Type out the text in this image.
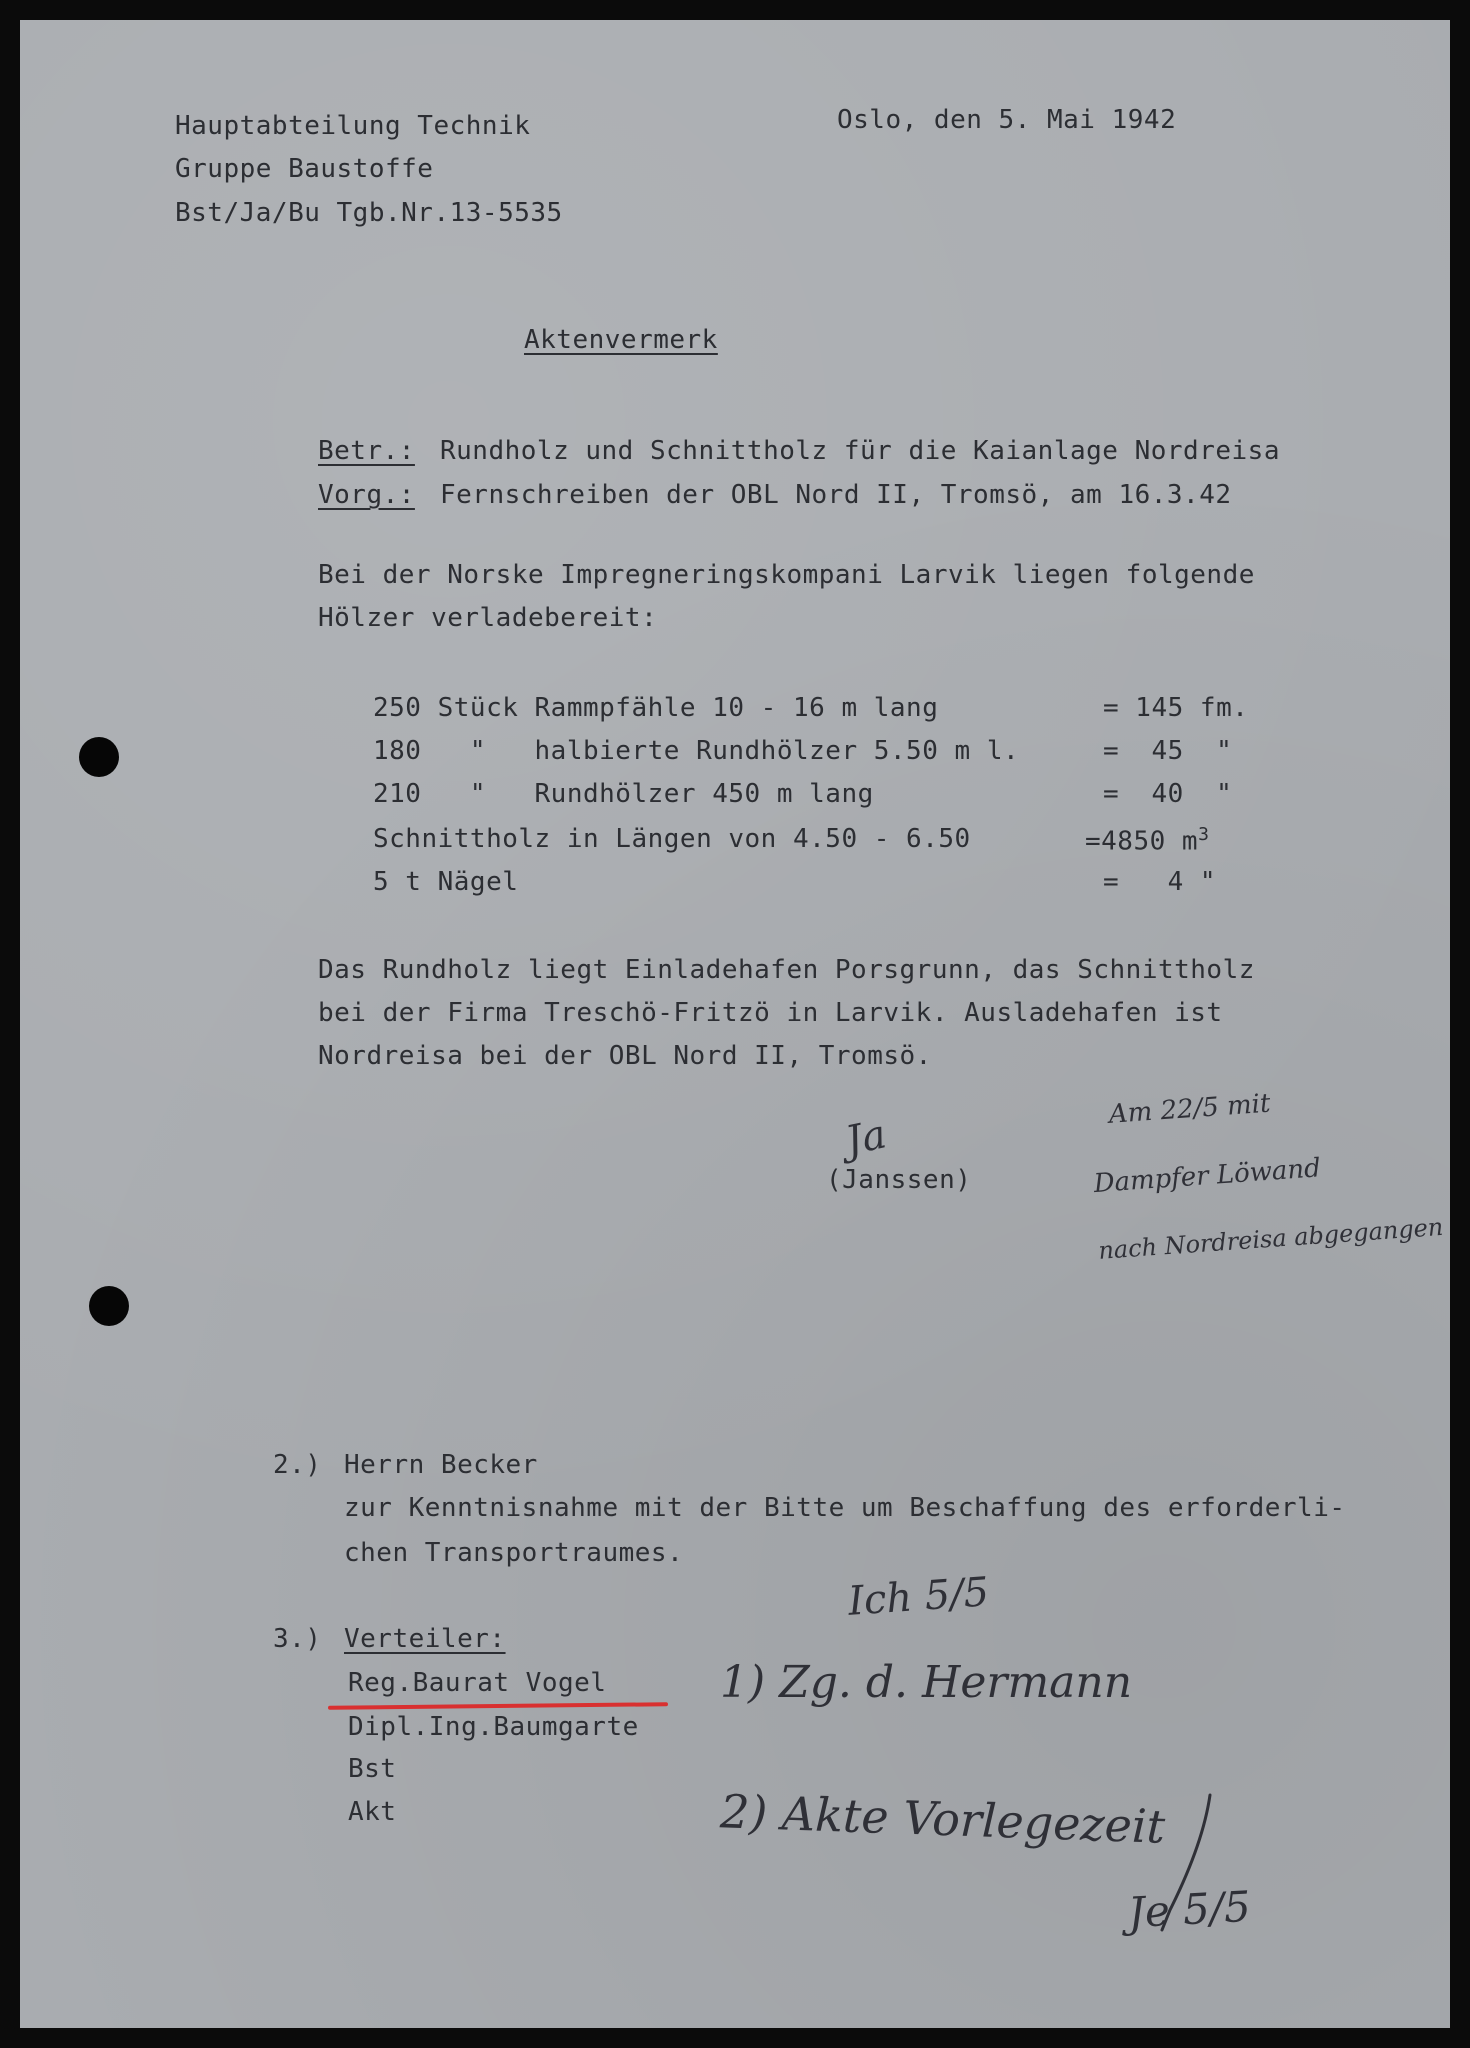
Hauptabteilung Technik
Gruppe Baustoffe
Bst/Ja/Bu Tgb.Nr.13-5535
Oslo, den 5. Mai 1942
Aktenvermerk
Betr.: Rundholz und Schnittholz für die Kaianlage Nordreisa
Vorg.: Fernschreiben der OBL Nord II, Tromsö, am 16.3.42
Bei der Norske Impregneringskompani Larvik liegen folgende
Hölzer verladebereit:
250 Stück Rammpfähle 10 - 16 m lang	= 145 fm.
180   "   halbierte Rundhölzer 5.50 m l.	=  45  "
210   "   Rundhölzer 450 m lang	=  40  "
Schnittholz in Längen von 4.50 - 6.50	=4850 $m^3$
5 t Nägel	=   4 "
Das Rundholz liegt Einladehafen Porsgrunn, das Schnittholz
bei der Firma Treschö-Fritzö in Larvik. Ausladehafen ist
Nordreisa bei der OBL Nord II, Tromsö.
Ja
(Janssen)
Am 22/5 mit
Dampfer Löwand
nach Nordreisa abgegangen
2.) Herrn Becker
zur Kenntnisnahme mit der Bitte um Beschaffung des erforderli-
chen Transportraumes.
3.) Verteiler:
Reg.Baurat Vogel
Dipl.Ing.Baumgarte
Bst
Akt
Ich 5/5
1) Zg. d. Hermann
2) Akte Vorlegezeit
Je 5/5
